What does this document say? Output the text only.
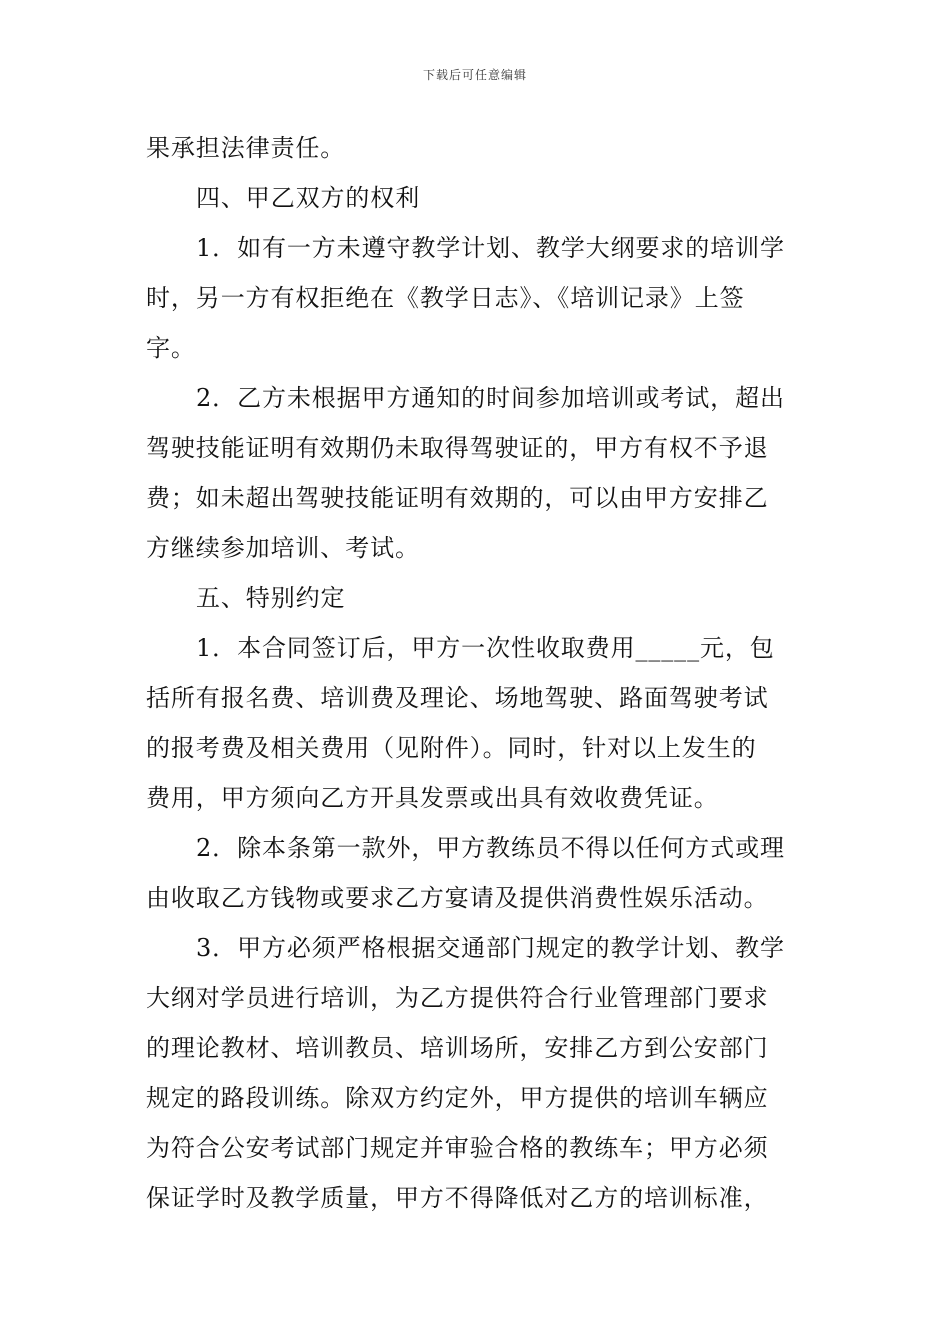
下载后可任意编辑
果承担法律责任。
四、甲乙双方的权利
1．如有一方未遵守教学计划、教学大纲要求的培训学
时，另一方有权拒绝在《教学日志》、《培训记录》上签
字。
2．乙方未根据甲方通知的时间参加培训或考试，超出
驾驶技能证明有效期仍未取得驾驶证的，甲方有权不予退
费；如未超出驾驶技能证明有效期的，可以由甲方安排乙
方继续参加培训、考试。
五、特别约定
1．本合同签订后，甲方一次性收取费用_____元，包
括所有报名费、培训费及理论、场地驾驶、路面驾驶考试
的报考费及相关费用（见附件）。同时，针对以上发生的
费用，甲方须向乙方开具发票或出具有效收费凭证。
2．除本条第一款外，甲方教练员不得以任何方式或理
由收取乙方钱物或要求乙方宴请及提供消费性娱乐活动。
3．甲方必须严格根据交通部门规定的教学计划、教学
大纲对学员进行培训，为乙方提供符合行业管理部门要求
的理论教材、培训教员、培训场所，安排乙方到公安部门
规定的路段训练。除双方约定外，甲方提供的培训车辆应
为符合公安考试部门规定并审验合格的教练车；甲方必须
保证学时及教学质量，甲方不得降低对乙方的培训标准，
